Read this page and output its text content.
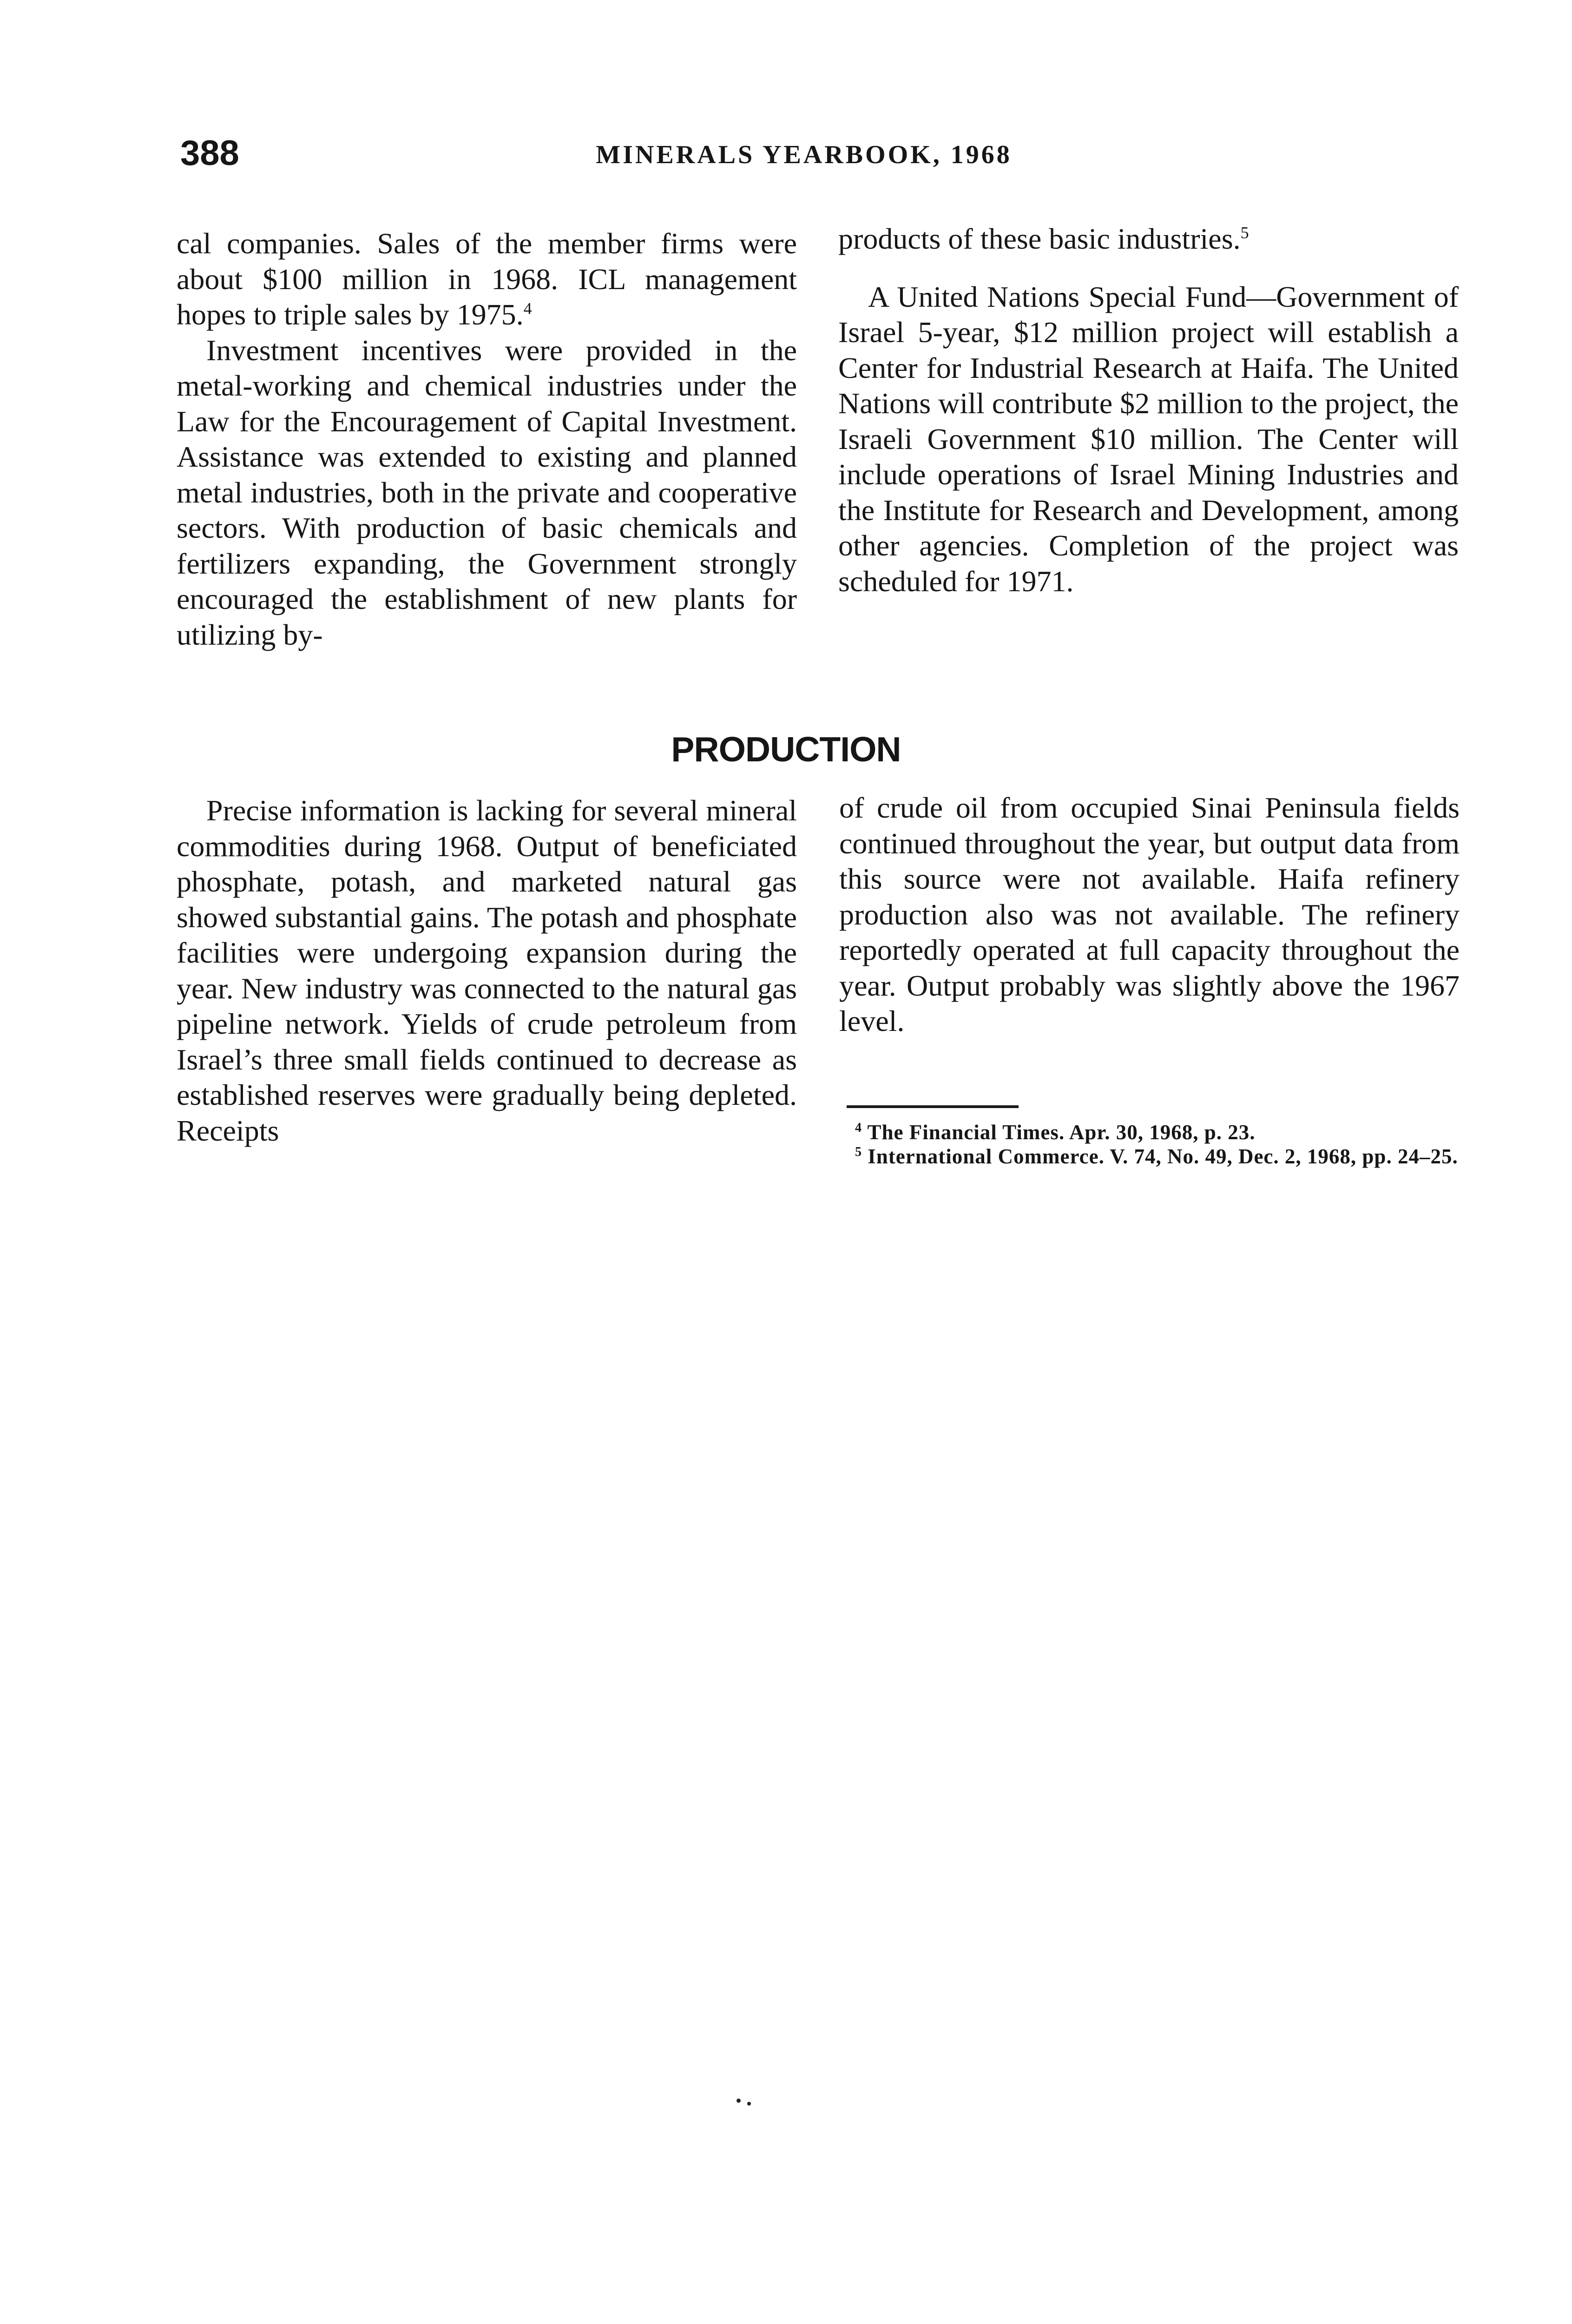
388	MINERALS YEARBOOK, 1968

cal companies. Sales of the member firms were about $100 million in 1968. ICL management hopes to triple sales by 1975.$^4$

Investment incentives were provided in the metal-working and chemical industries under the Law for the Encouragement of Capital Investment. Assistance was extended to existing and planned metal industries, both in the private and cooperative sectors. With production of basic chemicals and fertilizers expanding, the Government strongly encouraged the establishment of new plants for utilizing by-

products of these basic industries.$^5$

A United Nations Special Fund—Government of Israel 5-year, $12 million project will establish a Center for Industrial Research at Haifa. The United Nations will contribute $2 million to the project, the Israeli Government $10 million. The Center will include operations of Israel Mining Industries and the Institute for Research and Development, among other agencies. Completion of the project was scheduled for 1971.

PRODUCTION

Precise information is lacking for several mineral commodities during 1968. Output of beneficiated phosphate, potash, and marketed natural gas showed substantial gains. The potash and phosphate facilities were undergoing expansion during the year. New industry was connected to the natural gas pipeline network. Yields of crude petroleum from Israel’s three small fields continued to decrease as established reserves were gradually being depleted. Receipts

of crude oil from occupied Sinai Peninsula fields continued throughout the year, but output data from this source were not available. Haifa refinery production also was not available. The refinery reportedly operated at full capacity throughout the year. Output probably was slightly above the 1967 level.

$^4$ The Financial Times. Apr. 30, 1968, p. 23.

$^5$ International Commerce. V. 74, No. 49, Dec. 2, 1968, pp. 24–25.
